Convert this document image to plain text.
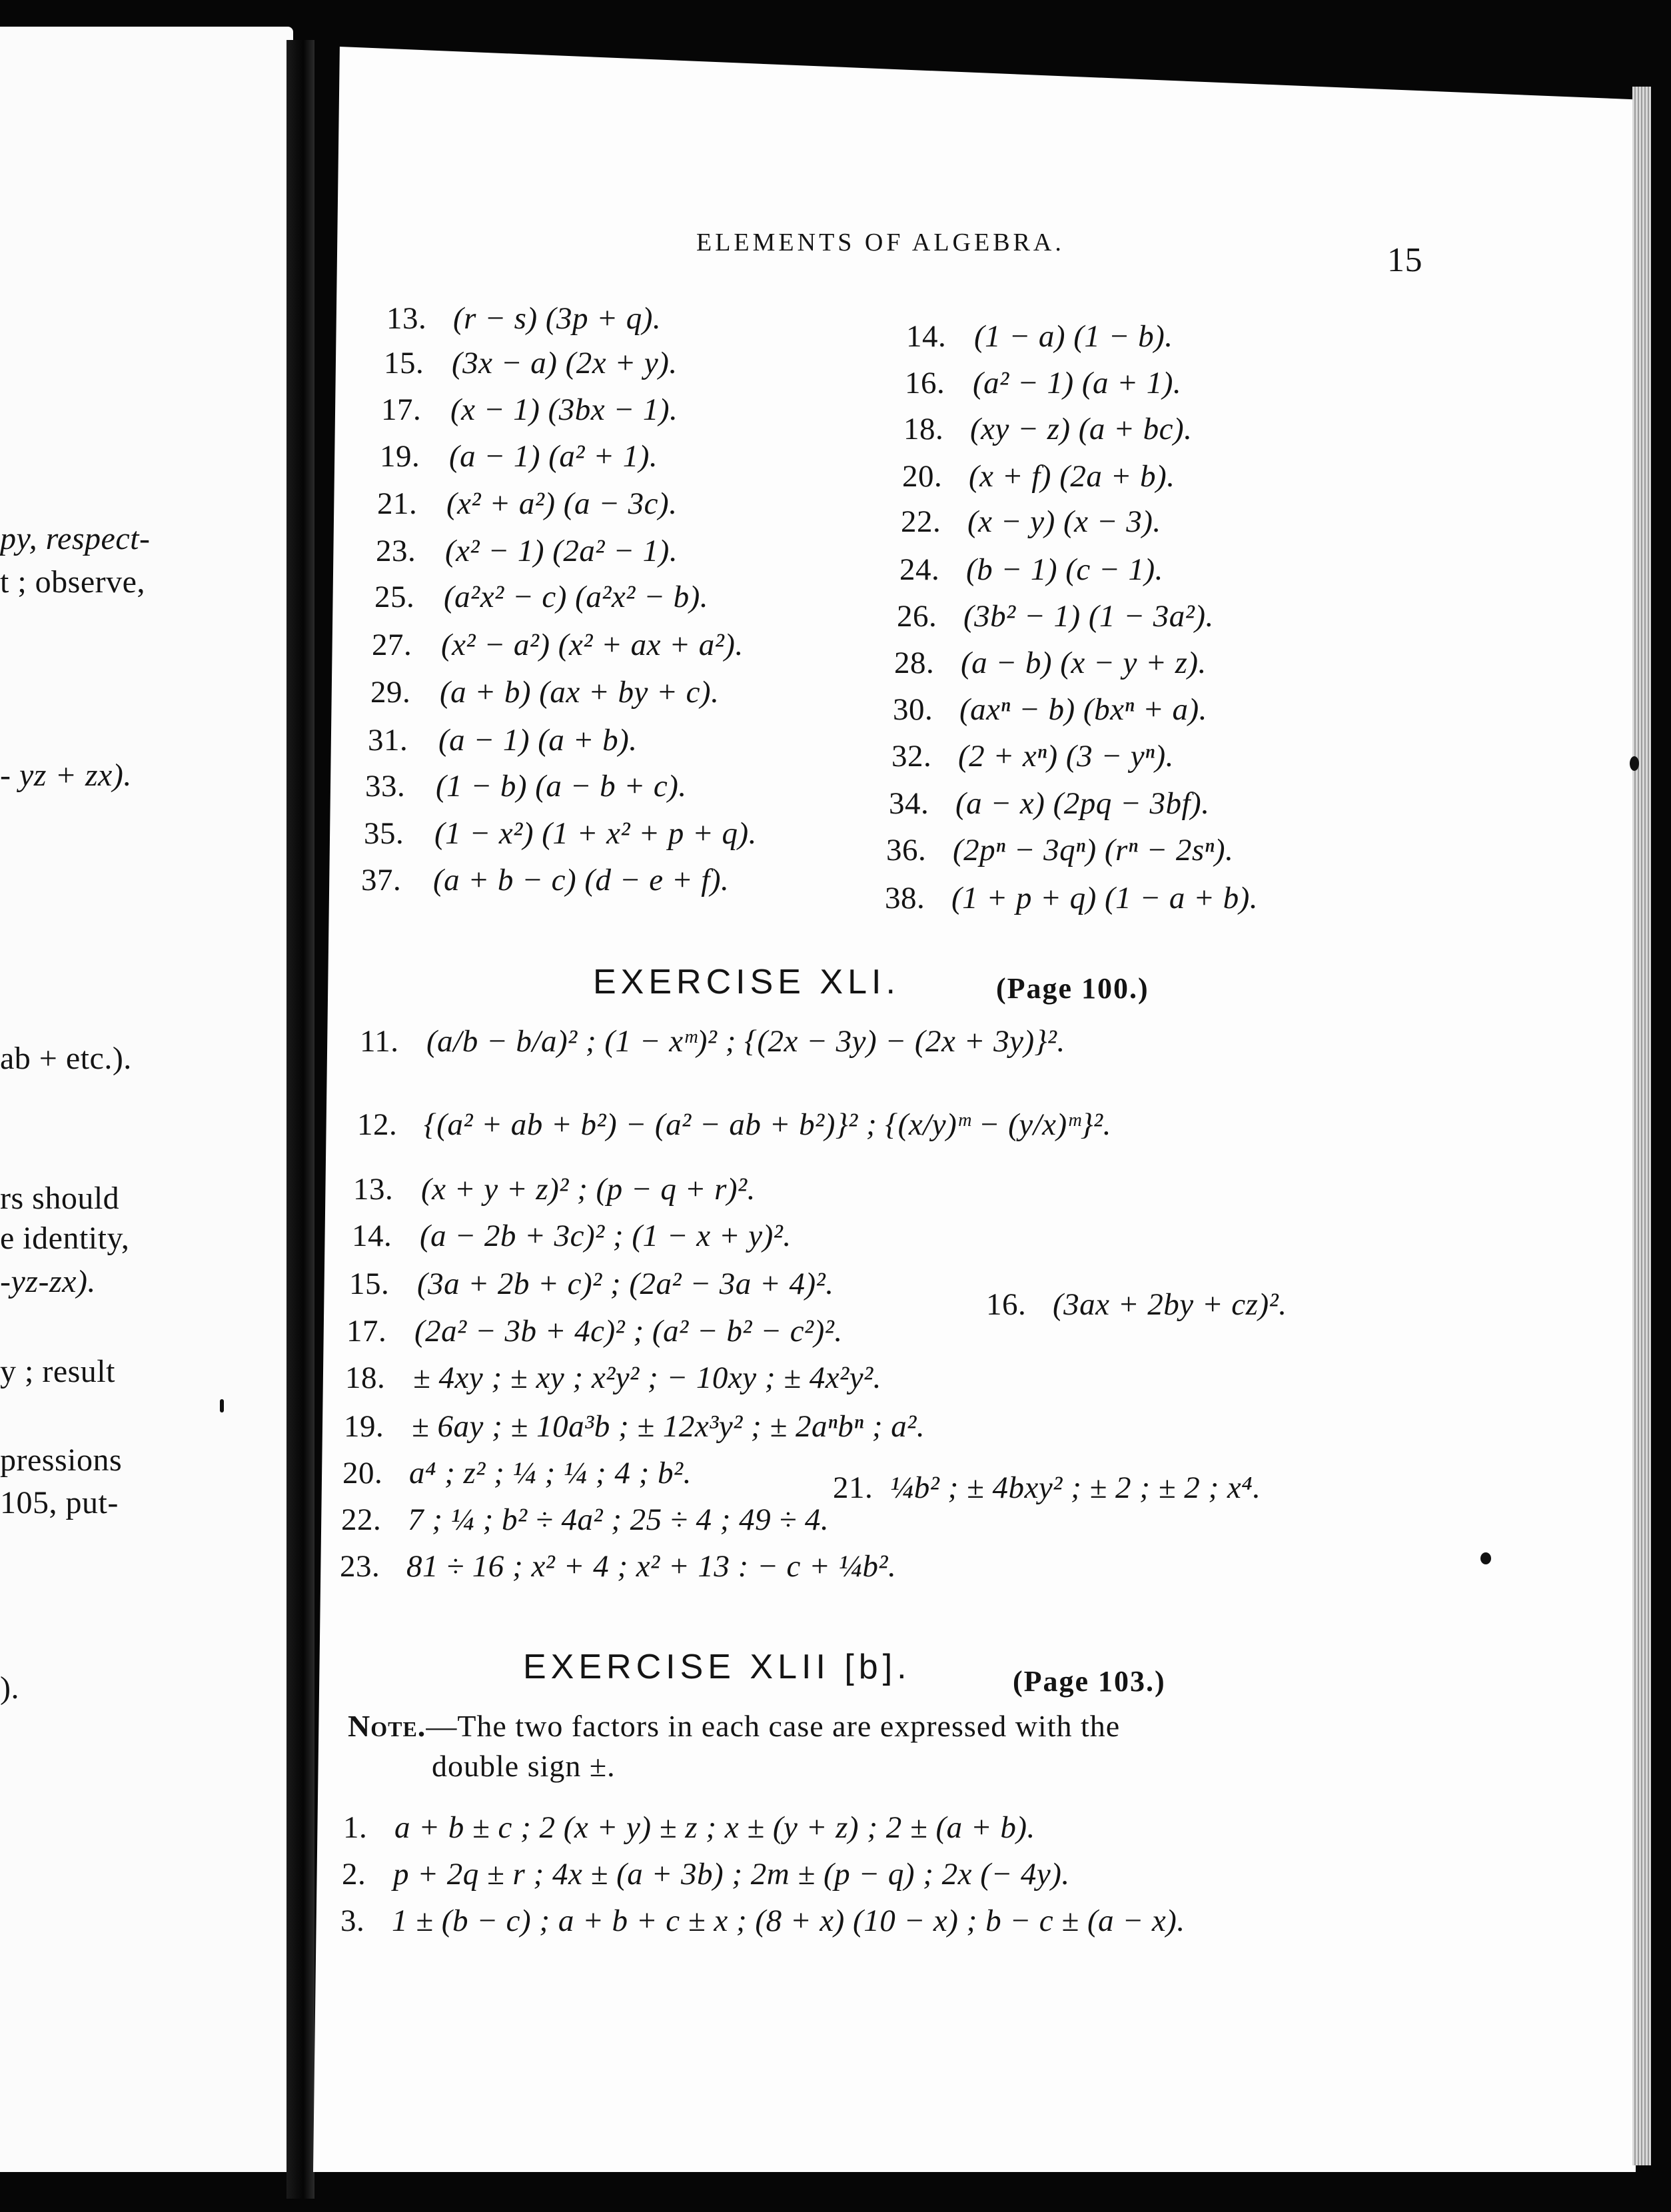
py, respect-
t ; observe,
- yz + zx).
ab + etc.).
rs should
e identity,
-yz-zx).
y ; result
pressions
105, put-
).
ELEMENTS OF ALGEBRA.	15
13. (r − s) (3p + q).
15. (3x − a) (2x + y).
17. (x − 1) (3bx − 1).
19. (a − 1) (a² + 1).
21. (x² + a²) (a − 3c).
23. (x² − 1) (2a² − 1).
25. (a²x² − c) (a²x² − b).
27. (x² − a²) (x² + ax + a²).
29. (a + b) (ax + by + c).
31. (a − 1) (a + b).
33. (1 − b) (a − b + c).
35. (1 − x²) (1 + x² + p + q).
37. (a + b − c) (d − e + f).
14. (1 − a) (1 − b).
16. (a² − 1) (a + 1).
18. (xy − z) (a + bc).
20. (x + f) (2a + b).
22. (x − y) (x − 3).
24. (b − 1) (c − 1).
26. (3b² − 1) (1 − 3a²).
28. (a − b) (x − y + z).
30. (axⁿ − b) (bxⁿ + a).
32. (2 + xⁿ) (3 − yⁿ).
34. (a − x) (2pq − 3bf).
36. (2pⁿ − 3qⁿ) (rⁿ − 2sⁿ).
38. (1 + p + q) (1 − a + b).
EXERCISE XLI.	(Page 100.)
11. (a/b − b/a)² ; (1 − xᵐ)² ; {(2x − 3y) − (2x + 3y)}².
12. {(a² + ab + b²) − (a² − ab + b²)}² ; {(x/y)ᵐ − (y/x)ᵐ}².
13. (x + y + z)² ; (p − q + r)².
14. (a − 2b + 3c)² ; (1 − x + y)².
15. (3a + 2b + c)² ; (2a² − 3a + 4)².
16. (3ax + 2by + cz)².
17. (2a² − 3b + 4c)² ; (a² − b² − c²)².
18. ± 4xy ; ± xy ; x²y² ; − 10xy ; ± 4x²y².
19. ± 6ay ; ± 10a³b ; ± 12x³y² ; ± 2aⁿbⁿ ; a².
20. a⁴ ; z² ; ¼ ; ¼ ; 4 ; b².	21. ¼b² ; ± 4bxy² ; ± 2 ; ± 2 ; x⁴.
22. 7 ; ¼ ; b² ÷ 4a² ; 25 ÷ 4 ; 49 ÷ 4.
23. 81 ÷ 16 ; x² + 4 ; x² + 13 : − c + ¼b².
EXERCISE XLII [b].	(Page 103.)
Note.—The two factors in each case are expressed with the
double sign ±.
1. a + b ± c ; 2 (x + y) ± z ; x ± (y + z) ; 2 ± (a + b).
2. p + 2q ± r ; 4x ± (a + 3b) ; 2m ± (p − q) ; 2x (− 4y).
3. 1 ± (b − c) ; a + b + c ± x ; (8 + x) (10 − x) ; b − c ± (a − x).
